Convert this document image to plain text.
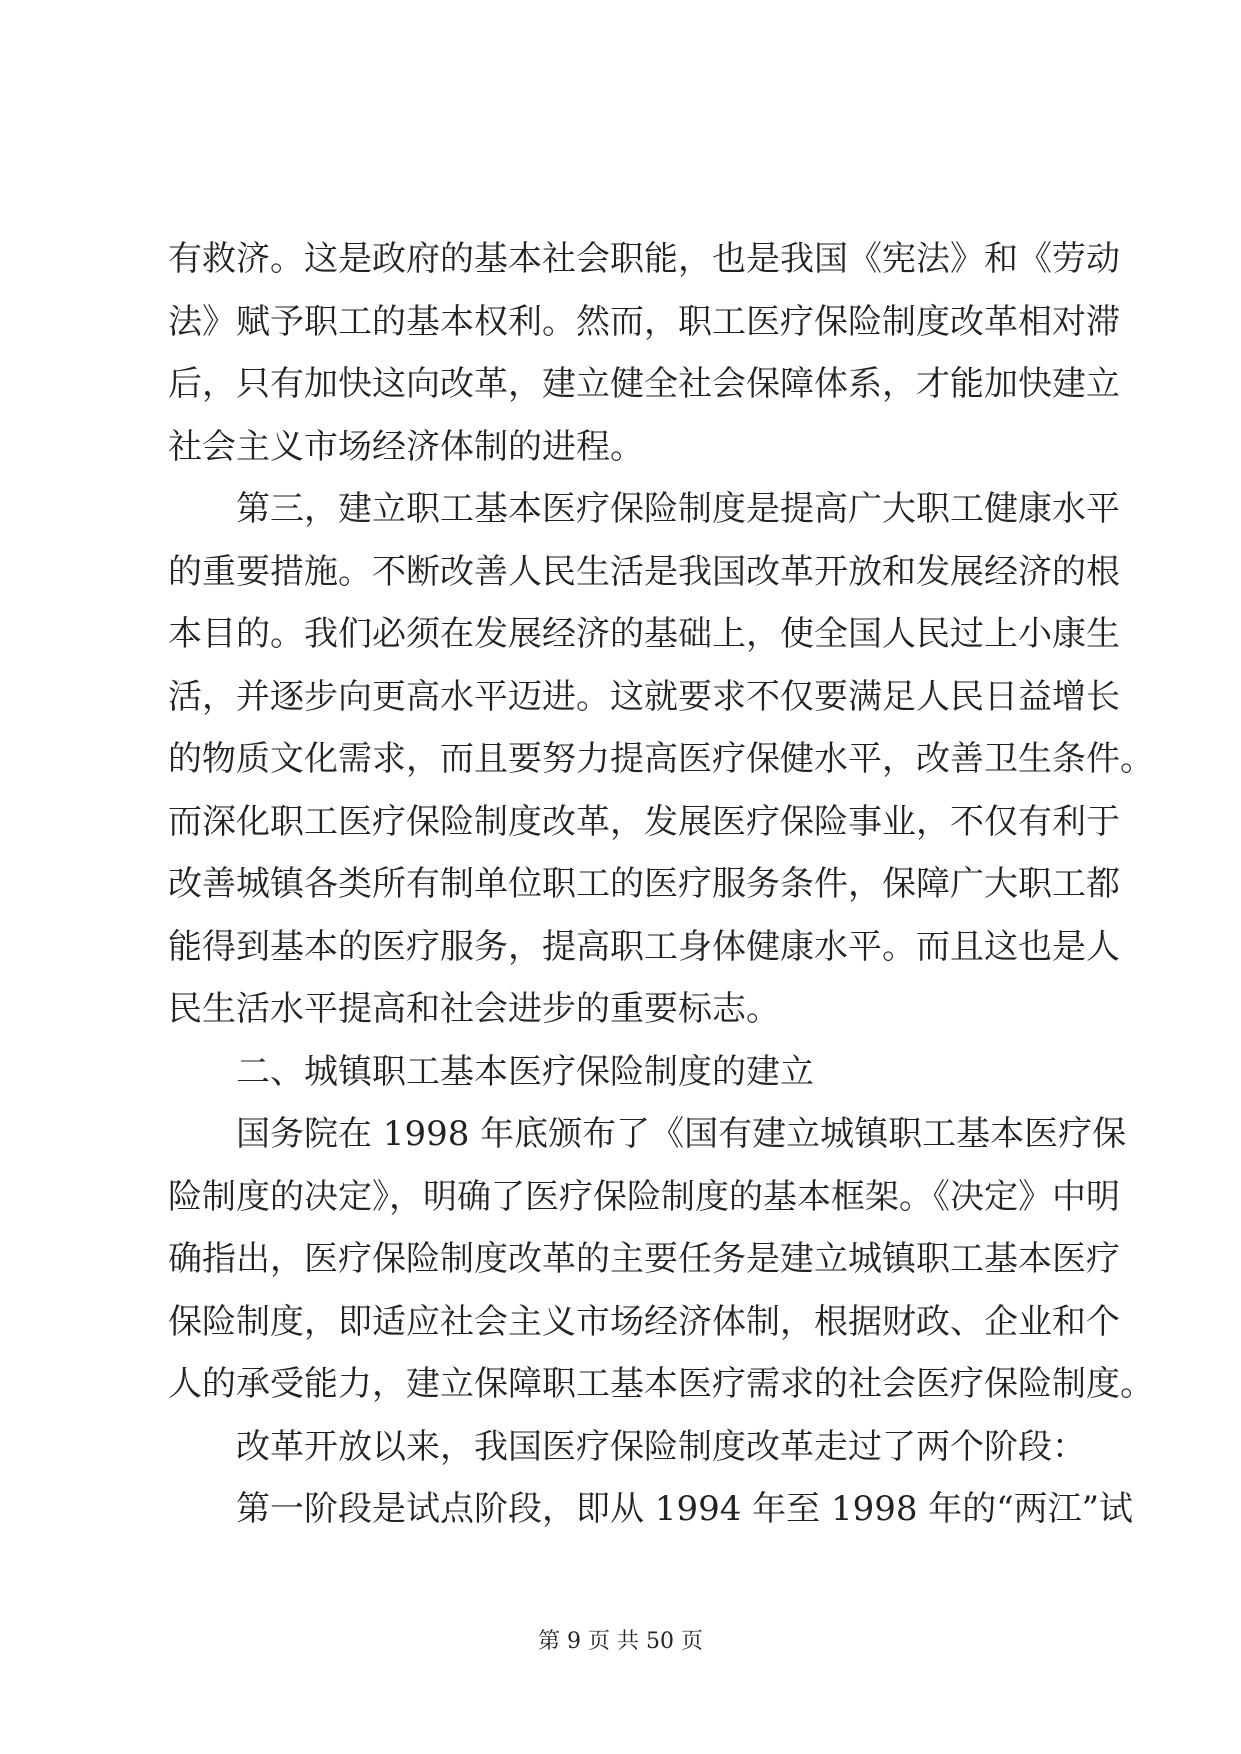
有救济。这是政府的基本社会职能，也是我国《宪法》和《劳动
法》赋予职工的基本权利。然而，职工医疗保险制度改革相对滞
后，只有加快这向改革，建立健全社会保障体系，才能加快建立
社会主义市场经济体制的进程。
第三，建立职工基本医疗保险制度是提高广大职工健康水平
的重要措施。不断改善人民生活是我国改革开放和发展经济的根
本目的。我们必须在发展经济的基础上，使全国人民过上小康生
活，并逐步向更高水平迈进。这就要求不仅要满足人民日益增长
的物质文化需求，而且要努力提高医疗保健水平，改善卫生条件。
而深化职工医疗保险制度改革，发展医疗保险事业，不仅有利于
改善城镇各类所有制单位职工的医疗服务条件，保障广大职工都
能得到基本的医疗服务，提高职工身体健康水平。而且这也是人
民生活水平提高和社会进步的重要标志。
二、城镇职工基本医疗保险制度的建立
国务院在 1998 年底颁布了《国有建立城镇职工基本医疗保
险制度的决定》，明确了医疗保险制度的基本框架。《决定》中明
确指出，医疗保险制度改革的主要任务是建立城镇职工基本医疗
保险制度，即适应社会主义市场经济体制，根据财政、企业和个
人的承受能力，建立保障职工基本医疗需求的社会医疗保险制度。
改革开放以来，我国医疗保险制度改革走过了两个阶段：
第一阶段是试点阶段，即从 1994 年至 1998 年的“两江”试
第 9 页 共 50 页
